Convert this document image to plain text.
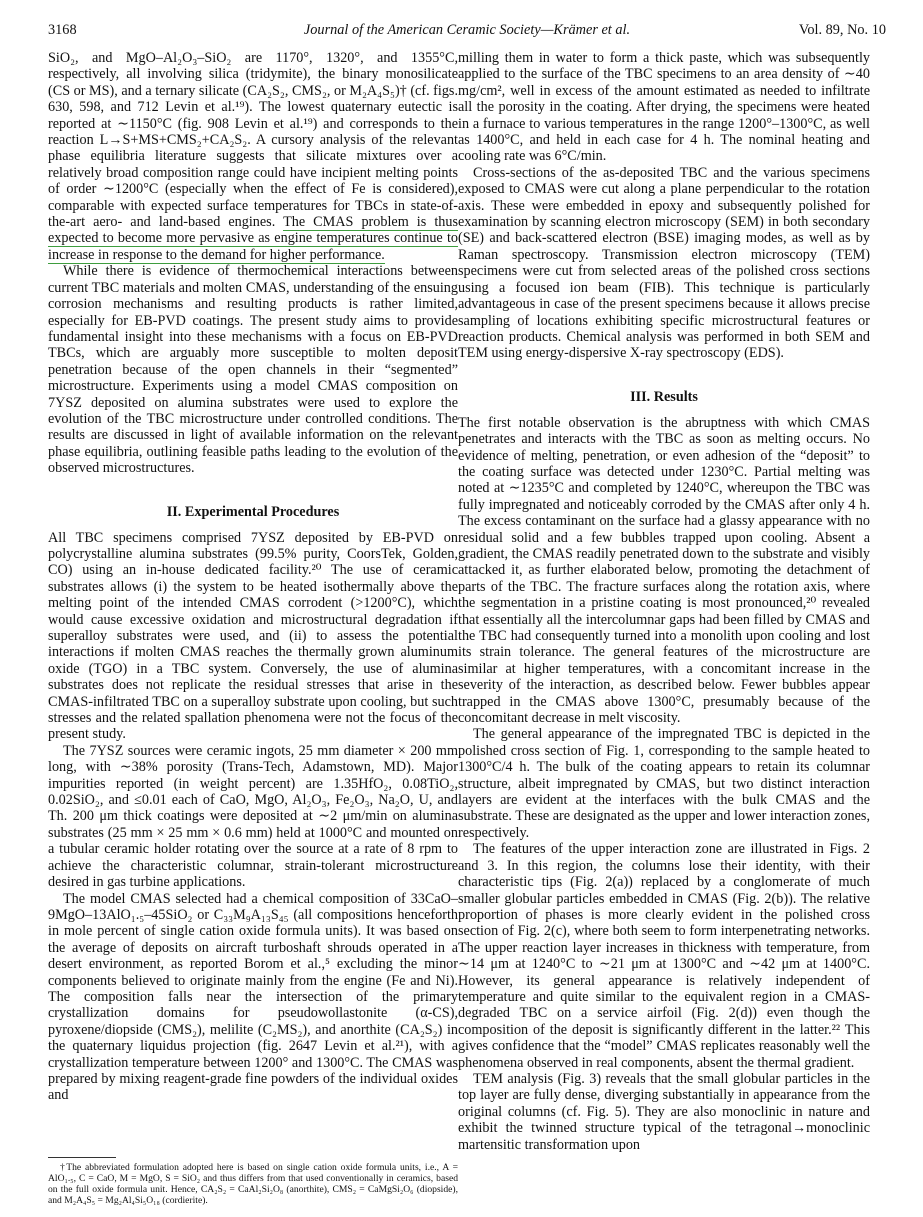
3168	Journal of the American Ceramic Society—Krämer et al.	Vol. 89, No. 10

SiO₂, and MgO–Al₂O₃–SiO₂ are 1170°, 1320°, and 1355°C, respectively, all involving silica (tridymite), the binary monosilicate (CS or MS), and a ternary silicate (CA₂S₂, CMS₂, or M₂A₄S₅)† (cf. figs. 630, 598, and 712 Levin et al.¹⁹). The lowest quaternary eutectic is reported at ∼1150°C (fig. 908 Levin et al.¹⁹) and corresponds to the reaction L→S+MS+CMS₂+CA₂S₂. A cursory analysis of the relevant phase equilibria literature suggests that silicate mixtures over a relatively broad composition range could have incipient melting points of order ∼1200°C (especially when the effect of Fe is considered), comparable with expected surface temperatures for TBCs in state-of-the-art aero- and land-based engines. The CMAS problem is thus expected to become more pervasive as engine temperatures continue to increase in response to the demand for higher performance.

While there is evidence of thermochemical interactions between current TBC materials and molten CMAS, understanding of the ensuing corrosion mechanisms and resulting products is rather limited, especially for EB-PVD coatings. The present study aims to provide fundamental insight into these mechanisms with a focus on EB-PVD TBCs, which are arguably more susceptible to molten deposit penetration because of the open channels in their “segmented” microstructure. Experiments using a model CMAS composition on 7YSZ deposited on alumina substrates were used to explore the evolution of the TBC microstructure under controlled conditions. The results are discussed in light of available information on the relevant phase equilibria, outlining feasible paths leading to the evolution of the observed microstructures.

II. Experimental Procedures

All TBC specimens comprised 7YSZ deposited by EB-PVD on polycrystalline alumina substrates (99.5% purity, CoorsTek, Golden, CO) using an in-house dedicated facility.²⁰ The use of ceramic substrates allows (i) the system to be heated isothermally above the melting point of the intended CMAS corrodent (>1200°C), which would cause excessive oxidation and microstructural degradation if superalloy substrates were used, and (ii) to assess the potential interactions if molten CMAS reaches the thermally grown aluminum oxide (TGO) in a TBC system. Conversely, the use of alumina substrates does not replicate the residual stresses that arise in the CMAS-infiltrated TBC on a superalloy substrate upon cooling, but such stresses and the related spallation phenomena were not the focus of the present study.

The 7YSZ sources were ceramic ingots, 25 mm diameter × 200 mm long, with ∼38% porosity (Trans-Tech, Adamstown, MD). Major impurities reported (in weight percent) are 1.35HfO₂, 0.08TiO₂, 0.02SiO₂, and ≤0.01 each of CaO, MgO, Al₂O₃, Fe₂O₃, Na₂O, U, and Th. 200 μm thick coatings were deposited at ∼2 μm/min on alumina substrates (25 mm × 25 mm × 0.6 mm) held at 1000°C and mounted on a tubular ceramic holder rotating over the source at a rate of 8 rpm to achieve the characteristic columnar, strain-tolerant microstructure desired in gas turbine applications.

The model CMAS selected had a chemical composition of 33CaO–9MgO–13AlO₁.₅–45SiO₂ or C₃₃M₉A₁₃S₄₅ (all compositions henceforth in mole percent of single cation oxide formula units). It was based on the average of deposits on aircraft turboshaft shrouds operated in a desert environment, as reported Borom et al.,⁵ excluding the minor components believed to originate mainly from the engine (Fe and Ni). The composition falls near the intersection of the primary crystallization domains for pseudowollastonite (α-CS), pyroxene/diopside (CMS₂), melilite (C₂MS₂), and anorthite (CA₂S₂) in the quaternary liquidus projection (fig. 2647 Levin et al.²¹), with a crystallization temperature between 1200° and 1300°C. The CMAS was prepared by mixing reagent-grade fine powders of the individual oxides and

milling them in water to form a thick paste, which was subsequently applied to the surface of the TBC specimens to an area density of ∼40 mg/cm², well in excess of the amount estimated as needed to infiltrate all the porosity in the coating. After drying, the specimens were heated in a furnace to various temperatures in the range 1200°–1300°C, as well as 1400°C, and held in each case for 4 h. The nominal heating and cooling rate was 6°C/min.

Cross-sections of the as-deposited TBC and the various specimens exposed to CMAS were cut along a plane perpendicular to the rotation axis. These were embedded in epoxy and subsequently polished for examination by scanning electron microscopy (SEM) in both secondary (SE) and back-scattered electron (BSE) imaging modes, as well as by Raman spectroscopy. Transmission electron microscopy (TEM) specimens were cut from selected areas of the polished cross sections using a focused ion beam (FIB). This technique is particularly advantageous in case of the present specimens because it allows precise sampling of locations exhibiting specific microstructural features or reaction products. Chemical analysis was performed in both SEM and TEM using energy-dispersive X-ray spectroscopy (EDS).

III. Results

The first notable observation is the abruptness with which CMAS penetrates and interacts with the TBC as soon as melting occurs. No evidence of melting, penetration, or even adhesion of the “deposit” to the coating surface was detected under 1230°C. Partial melting was noted at ∼1235°C and completed by 1240°C, whereupon the TBC was fully impregnated and noticeably corroded by the CMAS after only 4 h. The excess contaminant on the surface had a glassy appearance with no residual solid and a few bubbles trapped upon cooling. Absent a gradient, the CMAS readily penetrated down to the substrate and visibly attacked it, as further elaborated below, promoting the detachment of parts of the TBC. The fracture surfaces along the rotation axis, where the segmentation in a pristine coating is most pronounced,²⁰ revealed that essentially all the intercolumnar gaps had been filled by CMAS and the TBC had consequently turned into a monolith upon cooling and lost its strain tolerance. The general features of the microstructure are similar at higher temperatures, with a concomitant increase in the severity of the interaction, as described below. Fewer bubbles appear trapped in the CMAS above 1300°C, presumably because of the concomitant decrease in melt viscosity.

The general appearance of the impregnated TBC is depicted in the polished cross section of Fig. 1, corresponding to the sample heated to 1300°C/4 h. The bulk of the coating appears to retain its columnar structure, albeit impregnated by CMAS, but two distinct interaction layers are evident at the interfaces with the bulk CMAS and the substrate. These are designated as the upper and lower interaction zones, respectively.

The features of the upper interaction zone are illustrated in Figs. 2 and 3. In this region, the columns lose their identity, with their characteristic tips (Fig. 2(a)) replaced by a conglomerate of much smaller globular particles embedded in CMAS (Fig. 2(b)). The relative proportion of phases is more clearly evident in the polished cross section of Fig. 2(c), where both seem to form interpenetrating networks. The upper reaction layer increases in thickness with temperature, from ∼14 μm at 1240°C to ∼21 μm at 1300°C and ∼42 μm at 1400°C. However, its general appearance is relatively independent of temperature and quite similar to the equivalent region in a CMAS-degraded TBC on a service airfoil (Fig. 2(d)) even though the composition of the deposit is significantly different in the latter.²² This gives confidence that the “model” CMAS replicates reasonably well the phenomena observed in real components, absent the thermal gradient.

TEM analysis (Fig. 3) reveals that the small globular particles in the top layer are fully dense, diverging substantially in appearance from the original columns (cf. Fig. 5). They are also monoclinic in nature and exhibit the twinned structure typical of the tetragonal→monoclinic martensitic transformation upon

†The abbreviated formulation adopted here is based on single cation oxide formula units, i.e., A = AlO₁.₅, C = CaO, M = MgO, S = SiO₂ and thus differs from that used conventionally in ceramics, based on the full oxide formula unit. Hence, CA₂S₂ = CaAl₂Si₂O₈ (anorthite), CMS₂ = CaMgSi₂O₆ (diopside), and M₂A₄S₅ = Mg₂Al₄Si₅O₁₈ (cordierite).
